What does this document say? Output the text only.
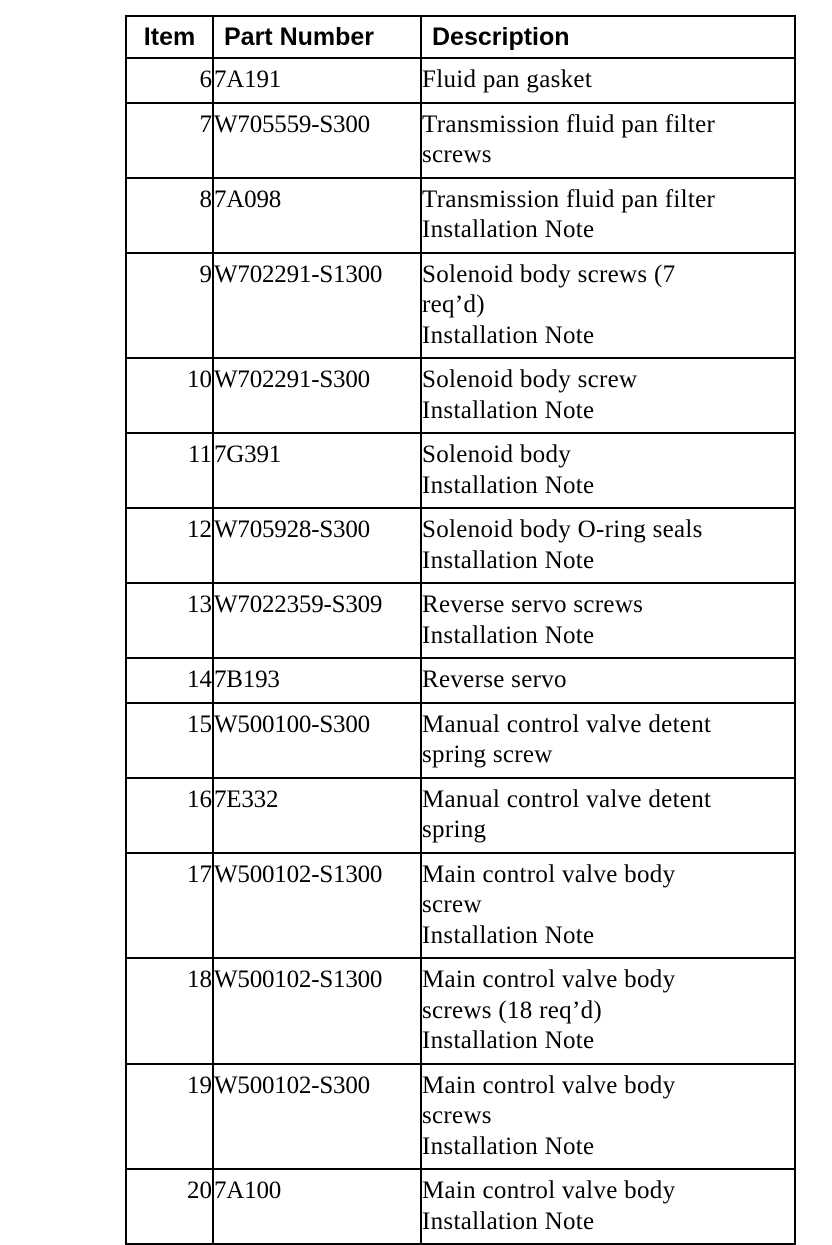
Item	Part Number	Description
6	7A191	Fluid pan gasket

7	W705559-S300	Transmission fluid pan filter
screws

8	7A098	Transmission fluid pan filter
Installation Note

9	W702291-S1300	Solenoid body screws (7
req’d)
Installation Note

10	W702291-S300	Solenoid body screw
Installation Note

11	7G391	Solenoid body
Installation Note

12	W705928-S300	Solenoid body O-ring seals
Installation Note

13	W7022359-S309	Reverse servo screws
Installation Note

14	7B193	Reverse servo

15	W500100-S300	Manual control valve detent
spring screw

16	7E332	Manual control valve detent
spring

17	W500102-S1300	Main control valve body
screw
Installation Note

18	W500102-S1300	Main control valve body
screws (18 req’d)
Installation Note

19	W500102-S300	Main control valve body
screws
Installation Note

20	7A100	Main control valve body
Installation Note
